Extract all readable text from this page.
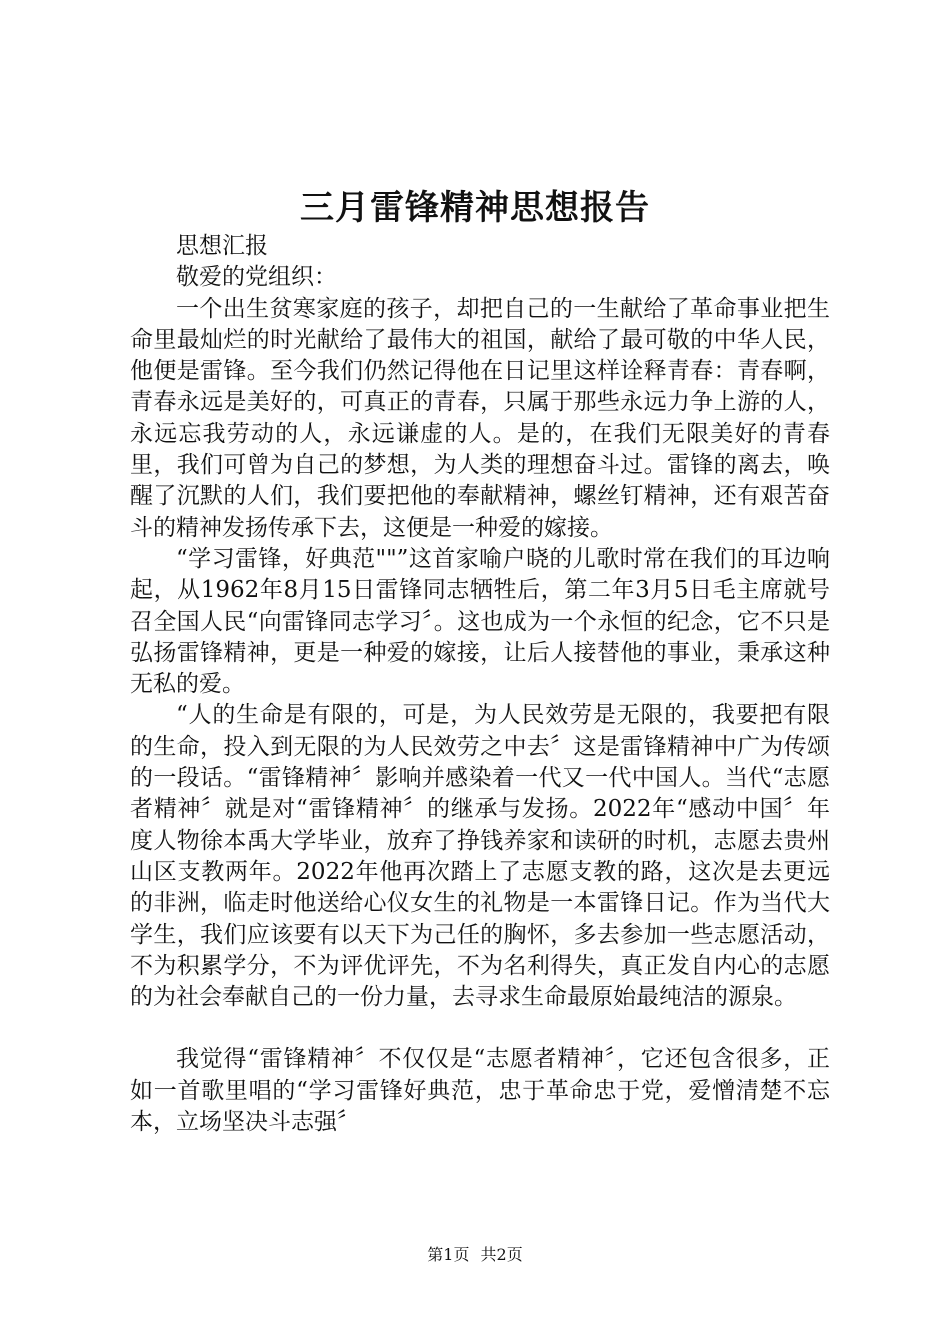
三月雷锋精神思想报告

思想汇报

敬爱的党组织：

一个出生贫寒家庭的孩子，却把自己的一生献给了革命事业把生命里最灿烂的时光献给了最伟大的祖国，献给了最可敬的中华人民，他便是雷锋。至今我们仍然记得他在日记里这样诠释青春：青春啊，青春永远是美好的，可真正的青春，只属于那些永远力争上游的人，永远忘我劳动的人，永远谦虚的人。是的，在我们无限美好的青春里，我们可曾为自己的梦想，为人类的理想奋斗过。雷锋的离去，唤醒了沉默的人们，我们要把他的奉献精神，螺丝钉精神，还有艰苦奋斗的精神发扬传承下去，这便是一种爱的嫁接。

“学习雷锋，好典范""”这首家喻户晓的儿歌时常在我们的耳边响起，从1962年8月15日雷锋同志牺牲后，第二年3月5日毛主席就号召全国人民“向雷锋同志学习〞。这也成为一个永恒的纪念，它不只是弘扬雷锋精神，更是一种爱的嫁接，让后人接替他的事业，秉承这种无私的爱。

“人的生命是有限的，可是，为人民效劳是无限的，我要把有限的生命，投入到无限的为人民效劳之中去〞这是雷锋精神中广为传颂的一段话。“雷锋精神〞影响并感染着一代又一代中国人。当代“志愿者精神〞就是对“雷锋精神〞的继承与发扬。2022年“感动中国〞年度人物徐本禹大学毕业，放弃了挣钱养家和读研的时机，志愿去贵州山区支教两年。2022年他再次踏上了志愿支教的路，这次是去更远的非洲，临走时他送给心仪女生的礼物是一本雷锋日记。作为当代大学生，我们应该要有以天下为己任的胸怀，多去参加一些志愿活动，不为积累学分，不为评优评先，不为名利得失，真正发自内心的志愿的为社会奉献自己的一份力量，去寻求生命最原始最纯洁的源泉。

我觉得“雷锋精神〞不仅仅是“志愿者精神〞，它还包含很多，正如一首歌里唱的“学习雷锋好典范，忠于革命忠于党，爱憎清楚不忘本，立场坚决斗志强〞

第1页 共2页
